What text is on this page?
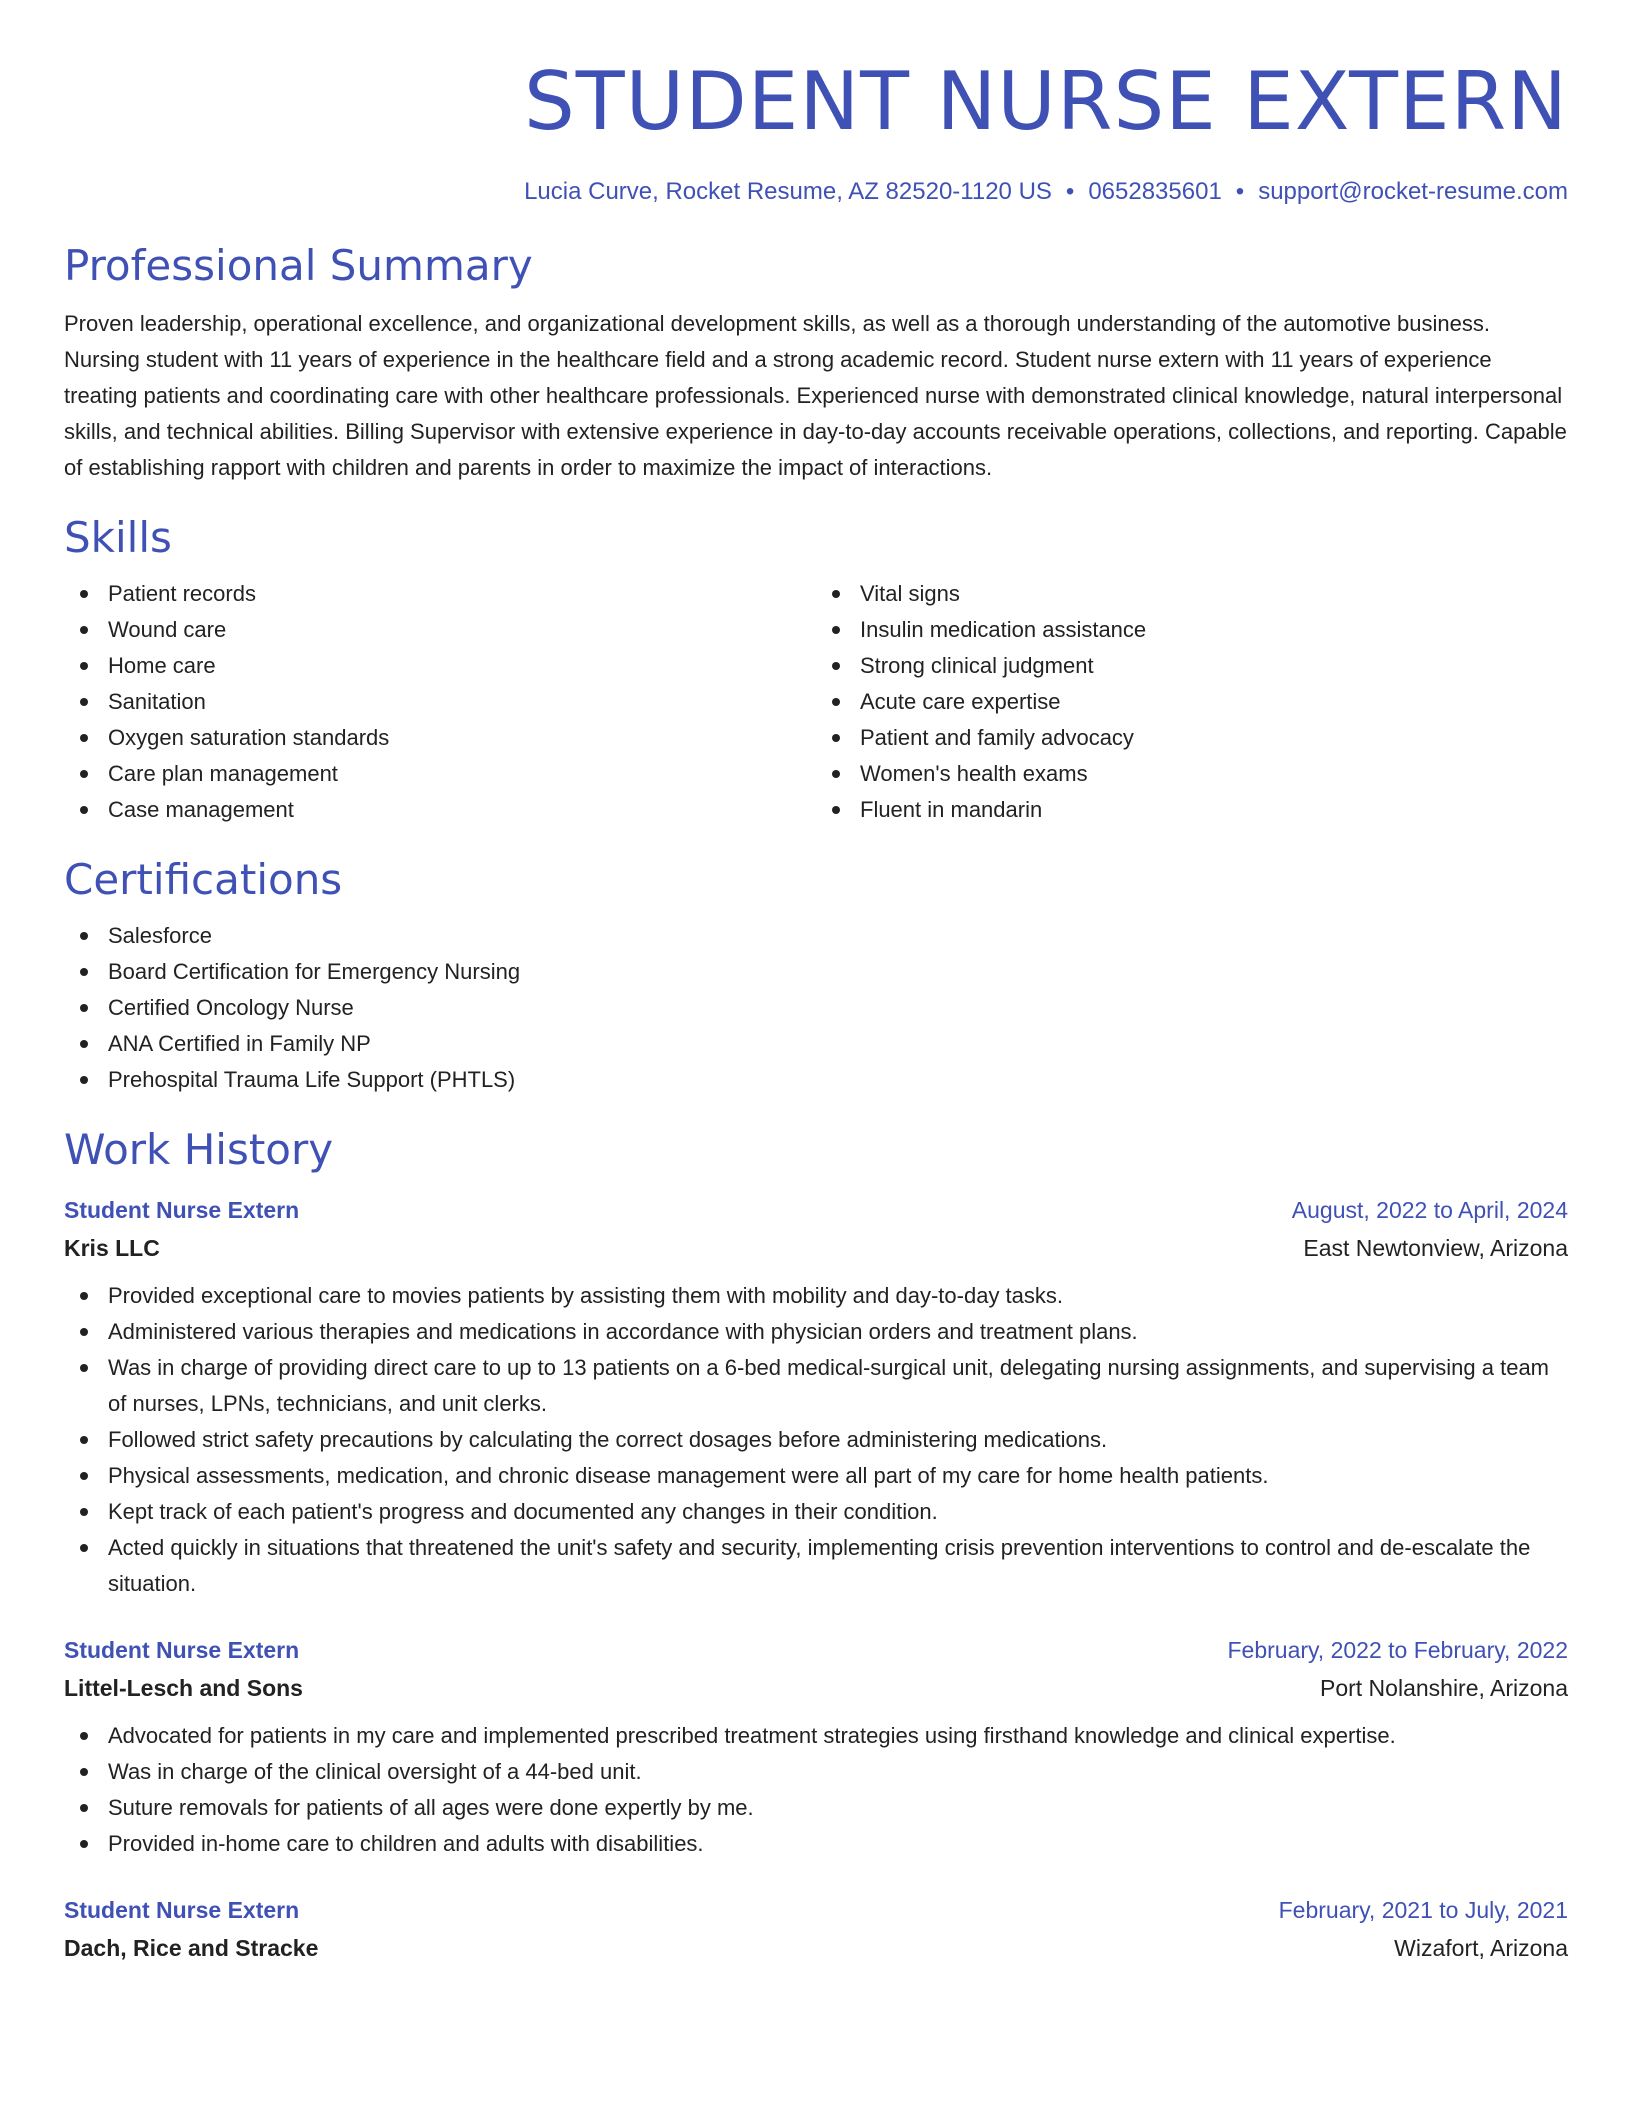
STUDENT NURSE EXTERN
Lucia Curve, Rocket Resume, AZ 82520-1120 US • 0652835601 • support@rocket-resume.com
Professional Summary

Proven leadership, operational excellence, and organizational development skills, as well as a thorough understanding of the automotive business. Nursing student with 11 years of experience in the healthcare field and a strong academic record. Student nurse extern with 11 years of experience treating patients and coordinating care with other healthcare professionals. Experienced nurse with demonstrated clinical knowledge, natural interpersonal skills, and technical abilities. Billing Supervisor with extensive experience in day-to-day accounts receivable operations, collections, and reporting. Capable of establishing rapport with children and parents in order to maximize the impact of interactions.

Skills
Patient records
Wound care
Home care
Sanitation
Oxygen saturation standards
Care plan management
Case management
Vital signs
Insulin medication assistance
Strong clinical judgment
Acute care expertise
Patient and family advocacy
Women's health exams
Fluent in mandarin
Certifications
Salesforce
Board Certification for Emergency Nursing
Certified Oncology Nurse
ANA Certified in Family NP
Prehospital Trauma Life Support (PHTLS)
Work History
Student Nurse Extern	August, 2022 to April, 2024
Kris LLC	East Newtonview, Arizona
Provided exceptional care to movies patients by assisting them with mobility and day-to-day tasks.
Administered various therapies and medications in accordance with physician orders and treatment plans.
Was in charge of providing direct care to up to 13 patients on a 6-bed medical-surgical unit, delegating nursing assignments, and supervising a team of nurses, LPNs, technicians, and unit clerks.
Followed strict safety precautions by calculating the correct dosages before administering medications.
Physical assessments, medication, and chronic disease management were all part of my care for home health patients.
Kept track of each patient's progress and documented any changes in their condition.
Acted quickly in situations that threatened the unit's safety and security, implementing crisis prevention interventions to control and de-escalate the situation.
Student Nurse Extern	February, 2022 to February, 2022
Littel-Lesch and Sons	Port Nolanshire, Arizona
Advocated for patients in my care and implemented prescribed treatment strategies using firsthand knowledge and clinical expertise.
Was in charge of the clinical oversight of a 44-bed unit.
Suture removals for patients of all ages were done expertly by me.
Provided in-home care to children and adults with disabilities.
Student Nurse Extern	February, 2021 to July, 2021
Dach, Rice and Stracke	Wizafort, Arizona
